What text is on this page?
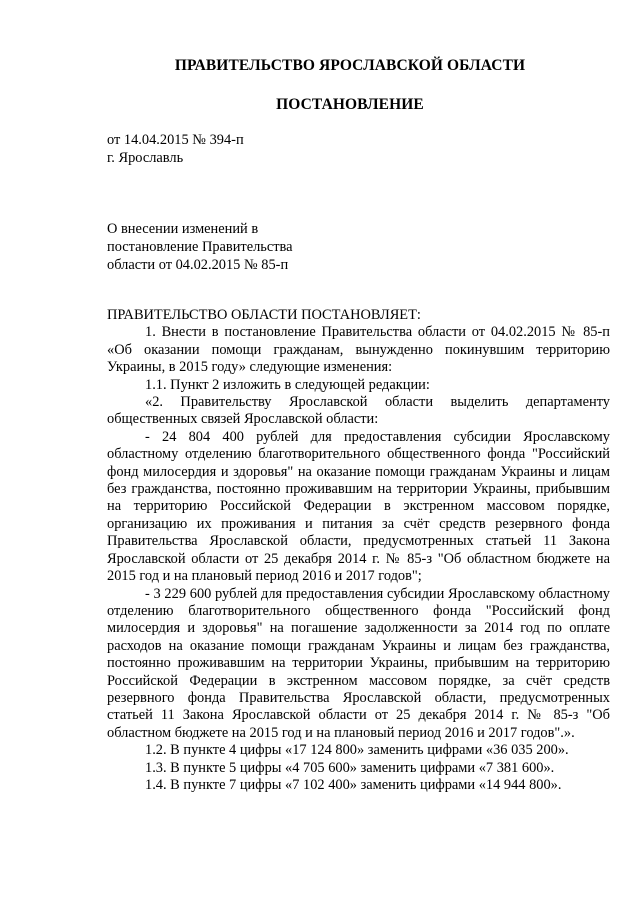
ПРАВИТЕЛЬСТВО ЯРОСЛАВСКОЙ ОБЛАСТИ
ПОСТАНОВЛЕНИЕ
от 14.04.2015 № 394-п
г. Ярославль
О внесении изменений в
постановление Правительства
области от 04.02.2015 № 85-п

ПРАВИТЕЛЬСТВО ОБЛАСТИ ПОСТАНОВЛЯЕТ:

1. Внести в постановление Правительства области от 04.02.2015 № 85-п «Об оказании помощи гражданам, вынужденно покинувшим территорию Украины, в 2015 году» следующие изменения:

1.1. Пункт 2 изложить в следующей редакции:

«2. Правительству Ярославской области выделить департаменту общественных связей Ярославской области:

- 24 804 400 рублей для предоставления субсидии Ярославскому областному отделению благотворительного общественного фонда "Российский фонд милосердия и здоровья" на оказание помощи гражданам Украины и лицам без гражданства, постоянно проживавшим на территории Украины, прибывшим на территорию Российской Федерации в экстренном массовом порядке, организацию их проживания и питания за счёт средств резервного фонда Правительства Ярославской области, предусмотренных статьей 11 Закона Ярославской области от 25 декабря 2014 г. № 85-з "Об областном бюджете на 2015 год и на плановый период 2016 и 2017 годов";

- 3 229 600 рублей для предоставления субсидии Ярославскому областному отделению благотворительного общественного фонда "Российский фонд милосердия и здоровья" на погашение задолженности за 2014 год по оплате расходов на оказание помощи гражданам Украины и лицам без гражданства, постоянно проживавшим на территории Украины, прибывшим на территорию Российской Федерации в экстренном массовом порядке, за счёт средств резервного фонда Правительства Ярославской области, предусмотренных статьей 11 Закона Ярославской области от 25 декабря 2014 г. № 85-з "Об областном бюджете на 2015 год и на плановый период 2016 и 2017 годов".».

1.2. В пункте 4 цифры «17 124 800» заменить цифрами «36 035 200».

1.3. В пункте 5 цифры «4 705 600» заменить цифрами «7 381 600».

1.4. В пункте 7 цифры «7 102 400» заменить цифрами «14 944 800».
